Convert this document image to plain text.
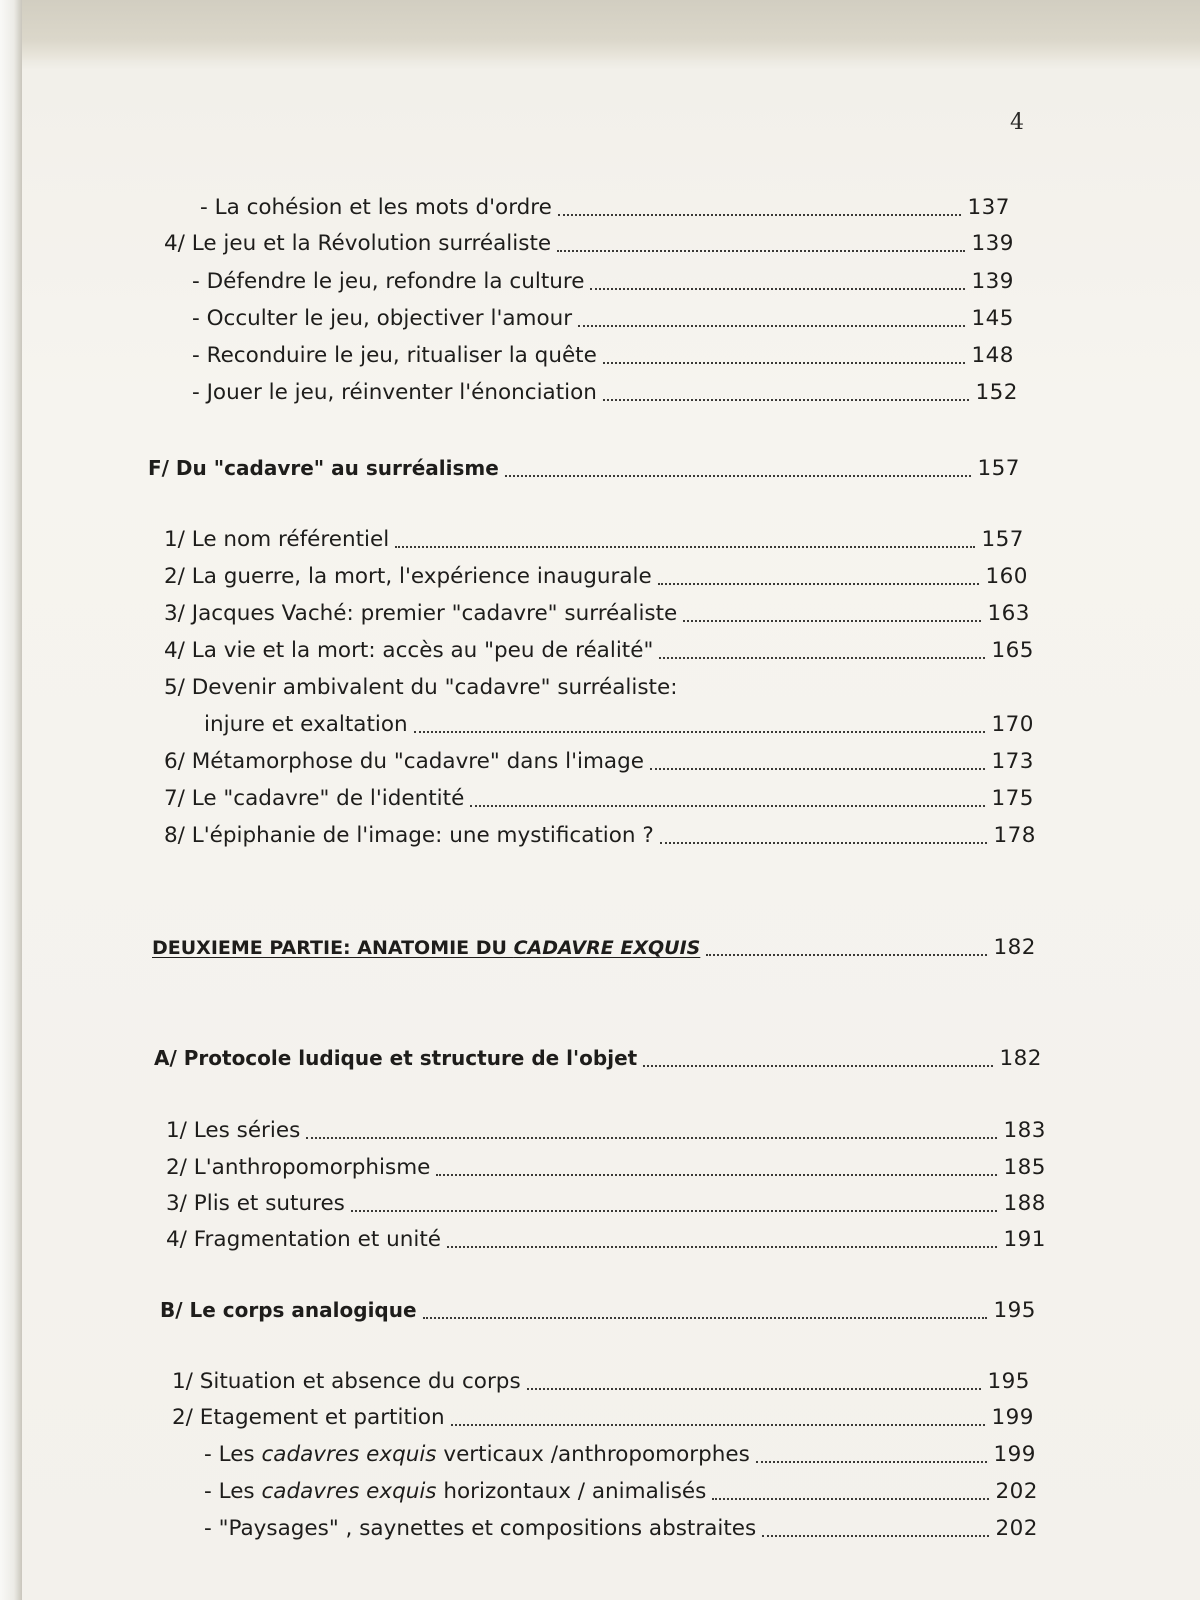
4
- La cohésion et les mots d'ordre	137
4/ Le jeu et la Révolution surréaliste	139
- Défendre le jeu, refondre la culture	139
- Occulter le jeu, objectiver l'amour	145
- Reconduire le jeu, ritualiser la quête	148
- Jouer le jeu, réinventer l'énonciation	152
F/ Du "cadavre" au surréalisme	157
1/ Le nom référentiel	157
2/ La guerre, la mort, l'expérience inaugurale	160
3/ Jacques Vaché: premier "cadavre" surréaliste	163
4/ La vie et la mort: accès au "peu de réalité"	165
5/ Devenir ambivalent du "cadavre" surréaliste:
injure et exaltation	170
6/ Métamorphose du "cadavre" dans l'image	173
7/ Le "cadavre" de l'identité	175
8/ L'épiphanie de l'image: une mystification ?	178
DEUXIEME PARTIE: ANATOMIE DU CADAVRE EXQUIS	182
A/ Protocole ludique et structure de l'objet	182
1/ Les séries	183
2/ L'anthropomorphisme	185
3/ Plis et sutures	188
4/ Fragmentation et unité	191
B/ Le corps analogique	195
1/ Situation et absence du corps	195
2/ Etagement et partition	199
- Les cadavres exquis verticaux /anthropomorphes	199
- Les cadavres exquis horizontaux / animalisés	202
- "Paysages" , saynettes et compositions abstraites	202
